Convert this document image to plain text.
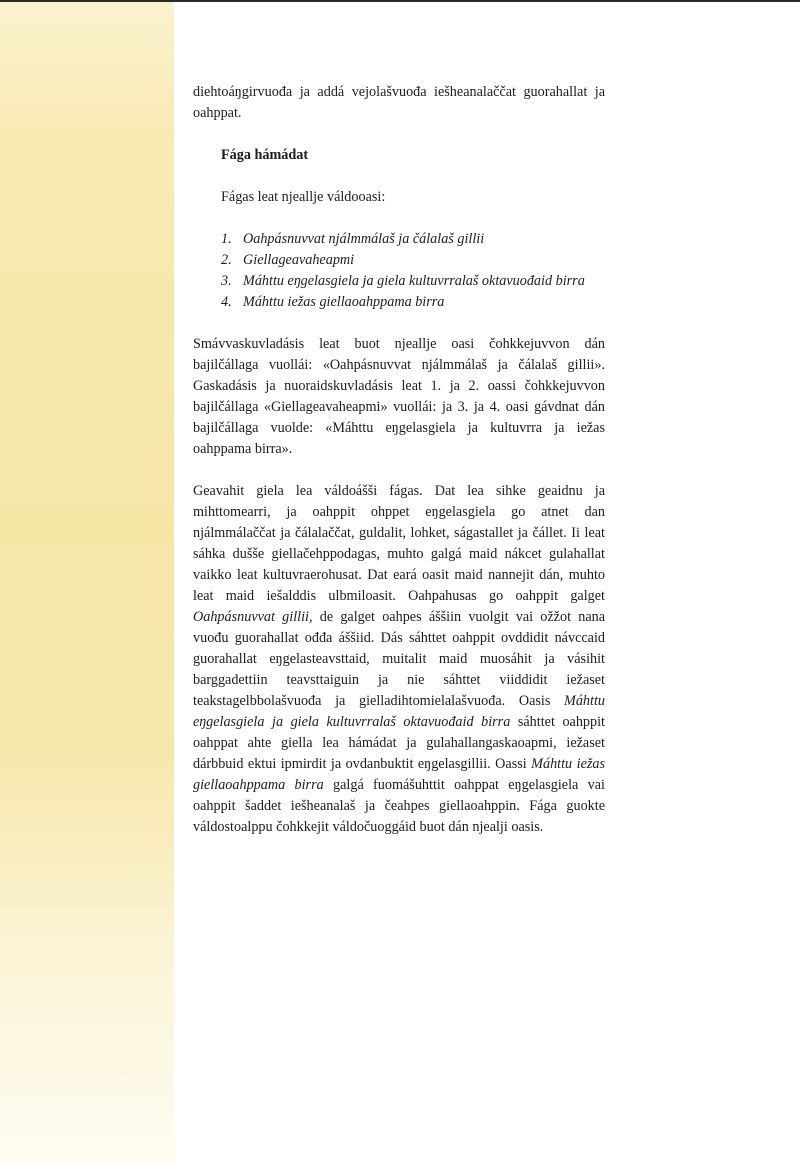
diehtoáŋgirvuođa ja addá vejolašvuođa iešheanalaččat guorahallat ja oahppat.

Fága hámádat
Fágas leat njeallje váldooasi:
1. Oahpásnuvvat njálmmálaš ja čálalaš gillii
2. Giellageavaheapmi
3. Máhttu eŋgelasgiela ja giela kultuvrralaš oktavuođaid birra
4. Máhttu iežas giellaoahppama birra

Smávvaskuvladásis leat buot njeallje oasi čohkkejuvvon dán bajilčállaga vuollái: «Oahpásnuvvat njálmmálaš ja čálalaš gillii». Gaskadásis ja nuoraidskuvladásis leat 1. ja 2. oassi čohkkejuvvon bajilčállaga «Giellageavaheapmi» vuollái: ja 3. ja 4. oasi gávdnat dán bajilčállaga vuolde: «Máhttu eŋgelasgiela ja kultuvrra ja iežas oahppama birra».

Geavahit giela lea váldoášši fágas. Dat lea sihke geaidnu ja mihttomearri, ja oahppit ohppet eŋgelasgiela go atnet dan njálmmálaččat ja čálalaččat, guldalit, lohket, ságastallet ja čállet. Ii leat sáhka dušše giellačehppodagas, muhto galgá maid nákcet gulahallat vaikko leat kultuvraerohusat. Dat eará oasit maid nannejit dán, muhto leat maid iešalddis ulbmiloasit. Oahpahusas go oahppit galget Oahpásnuvvat gillii, de galget oahpes áššiin vuolgit vai ožžot nana vuođu guorahallat ođđa áššiid. Dás sáhttet oahppit ovddidit návccaid guorahallat eŋgelasteavsttaid, muitalit maid muosáhit ja vásihit barggadettiin teavsttaiguin ja nie sáhttet viiddidit iežaset teakstagelbbolašvuođa ja gielladihtomielalašvuođa. Oasis Máhttu eŋgelasgiela ja giela kultuvrralaš oktavuođaid birra sáhttet oahppit oahppat ahte giella lea hámádat ja gulahallangaskaoapmi, iežaset dárbbuid ektui ipmirdit ja ovdanbuktit eŋgelasgillii. Oassi Máhttu iežas giellaoahppama birra galgá fuomášuhttit oahppat eŋgelasgiela vai oahppit šaddet iešheanalaš ja čeahpes giellaoahppin. Fága guokte váldostoalppu čohkkejit váldočuoggáid buot dán njealji oasis.
